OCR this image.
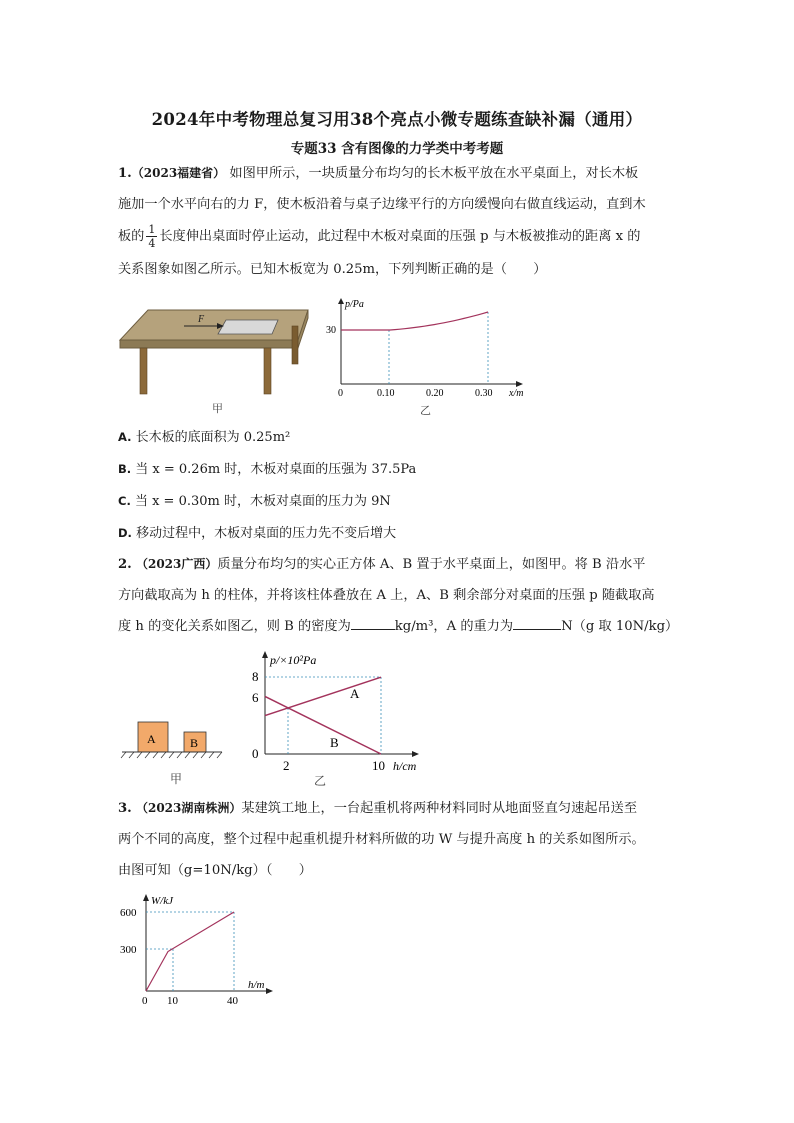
2024年中考物理总复习用38个亮点小微专题练查缺补漏（通用）
专题33 含有图像的力学类中考考题
1.（2023福建省） 如图甲所示，一块质量分布均匀的长木板平放在水平桌面上，对长木板
施加一个水平向右的力 F，使木板沿着与桌子边缘平行的方向缓慢向右做直线运动，直到木
板的 $\frac{1}{4}$ 长度伸出桌面时停止运动，此过程中木板对桌面的压强 p 与木板被推动的距离 x 的
关系图象如图乙所示。已知木板宽为 0.25m，下列判断正确的是（　　）
F
甲
p/Pa
x/m
30
0	0.10	0.20	0.30
乙
A. 长木板的底面积为 0.25m²
B. 当 x = 0.26m 时，木板对桌面的压强为 37.5Pa
C. 当 x = 0.30m 时，木板对桌面的压力为 9N
D. 移动过程中，木板对桌面的压力先不变后增大
2. （2023广西）质量分布均匀的实心正方体 A、B 置于水平桌面上，如图甲。将 B 沿水平
方向截取高为 h 的柱体，并将该柱体叠放在 A 上，A、B 剩余部分对桌面的压强 p 随截取高
度 h 的变化关系如图乙，则 B 的密度为	kg/m³，A 的重力为	N（g 取 10N/kg）
A	B
甲
p/×10²Pa
h/cm
8
6
0
2	10
A
B
乙
3. （2023湖南株洲）某建筑工地上，一台起重机将两种材料同时从地面竖直匀速起吊送至
两个不同的高度，整个过程中起重机提升材料所做的功 W 与提升高度 h 的关系如图所示。
由图可知（g=10N/kg）（　　）
W/kJ
h/m
600
300
0 10	40
